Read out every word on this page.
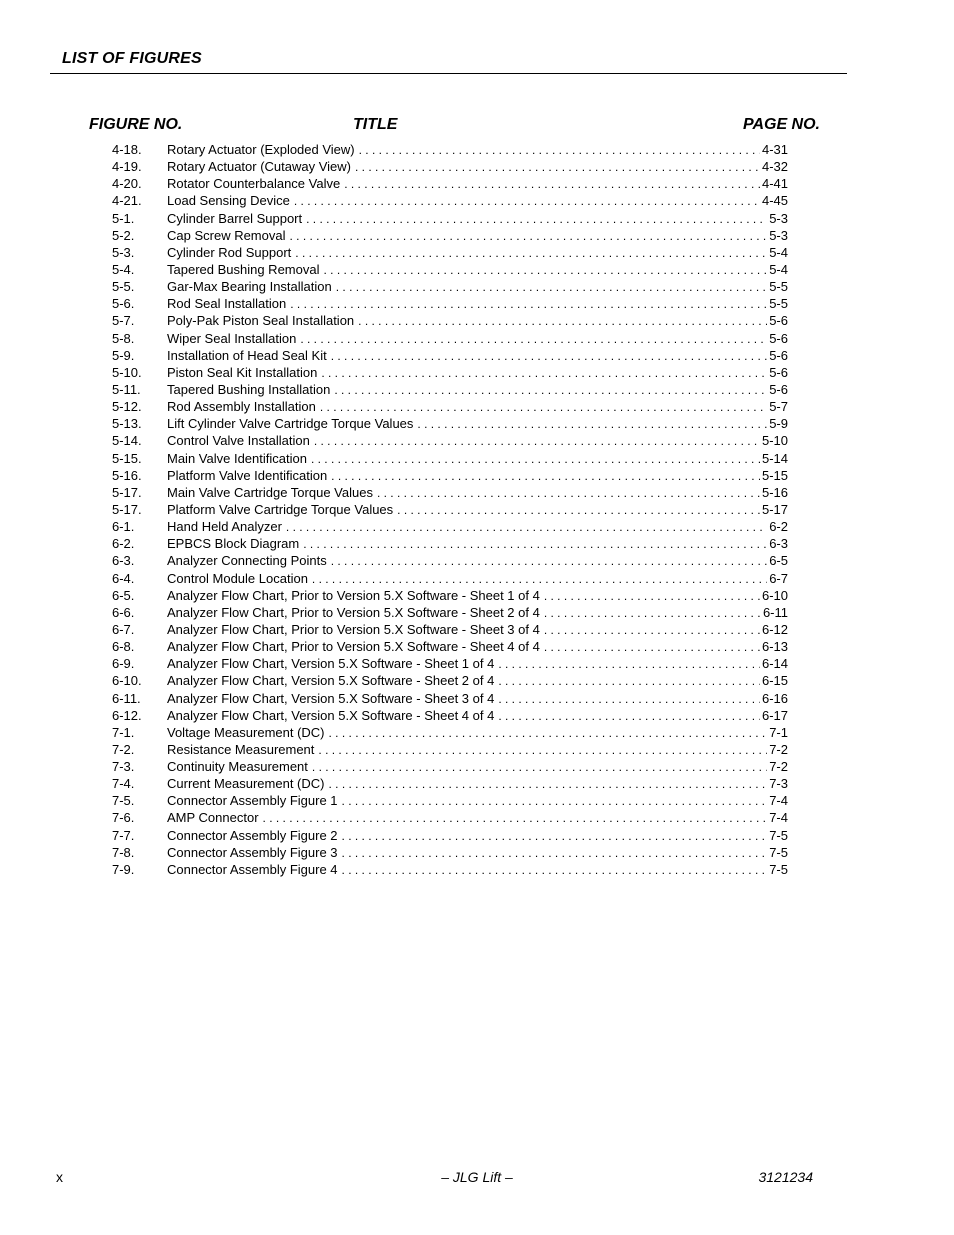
LIST OF FIGURES
FIGURE NO.	TITLE	PAGE NO.
4-18. Rotary Actuator (Exploded View) . . .	4-31
4-19. Rotary Actuator (Cutaway View) . . .	4-32
4-20. Rotator Counterbalance Valve . . .	4-41
4-21. Load Sensing Device . . .	4-45
5-1.	Cylinder Barrel Support . . .	5-3
5-2.	Cap Screw Removal . . .	5-3
5-3.	Cylinder Rod Support . . .	5-4
5-4.	Tapered Bushing Removal . . .	5-4
5-5.	Gar-Max Bearing Installation . . .	5-5
5-6.	Rod Seal Installation . . .	5-5
5-7.	Poly-Pak Piston Seal Installation . . .	5-6
5-8.	Wiper Seal Installation . . .	5-6
5-9.	Installation of Head Seal Kit . . .	5-6
5-10. Piston Seal Kit Installation . . .	5-6
5-11. Tapered Bushing Installation . . .	5-6
5-12. Rod Assembly Installation . . .	5-7
5-13. Lift Cylinder Valve Cartridge Torque Values . . .	5-9
5-14. Control Valve Installation . . .	5-10
5-15. Main Valve Identification . . .	5-14
5-16. Platform Valve Identification . . .	5-15
5-17. Main Valve Cartridge Torque Values . . .	5-16
5-17. Platform Valve Cartridge Torque Values . . .	5-17
6-1.	Hand Held Analyzer . . .	6-2
6-2.	EPBCS Block Diagram . . .	6-3
6-3.	Analyzer Connecting Points . . .	6-5
6-4.	Control Module Location . . .	6-7
6-5.	Analyzer Flow Chart, Prior to Version 5.X Software - Sheet 1 of 4 . . .	6-10
6-6.	Analyzer Flow Chart, Prior to Version 5.X Software - Sheet 2 of 4 . . .	6-11
6-7.	Analyzer Flow Chart, Prior to Version 5.X Software - Sheet 3 of 4 . . .	6-12
6-8.	Analyzer Flow Chart, Prior to Version 5.X Software - Sheet 4 of 4 . . .	6-13
6-9.	Analyzer Flow Chart, Version 5.X Software - Sheet 1 of 4 . . .	6-14
6-10. Analyzer Flow Chart, Version 5.X Software - Sheet 2 of 4 . . .	6-15
6-11. Analyzer Flow Chart, Version 5.X Software - Sheet 3 of 4 . . .	6-16
6-12. Analyzer Flow Chart, Version 5.X Software - Sheet 4 of 4 . . .	6-17
7-1.	Voltage Measurement (DC) . . .	7-1
7-2.	Resistance Measurement . . .	7-2
7-3.	Continuity Measurement . . .	7-2
7-4.	Current Measurement (DC) . . .	7-3
7-5.	Connector Assembly Figure 1 . . .	7-4
7-6.	AMP Connector . . .	7-4
7-7.	Connector Assembly Figure 2 . . .	7-5
7-8.	Connector Assembly Figure 3 . . .	7-5
7-9.	Connector Assembly Figure 4 . . .	7-5
x	– JLG Lift –	3121234
